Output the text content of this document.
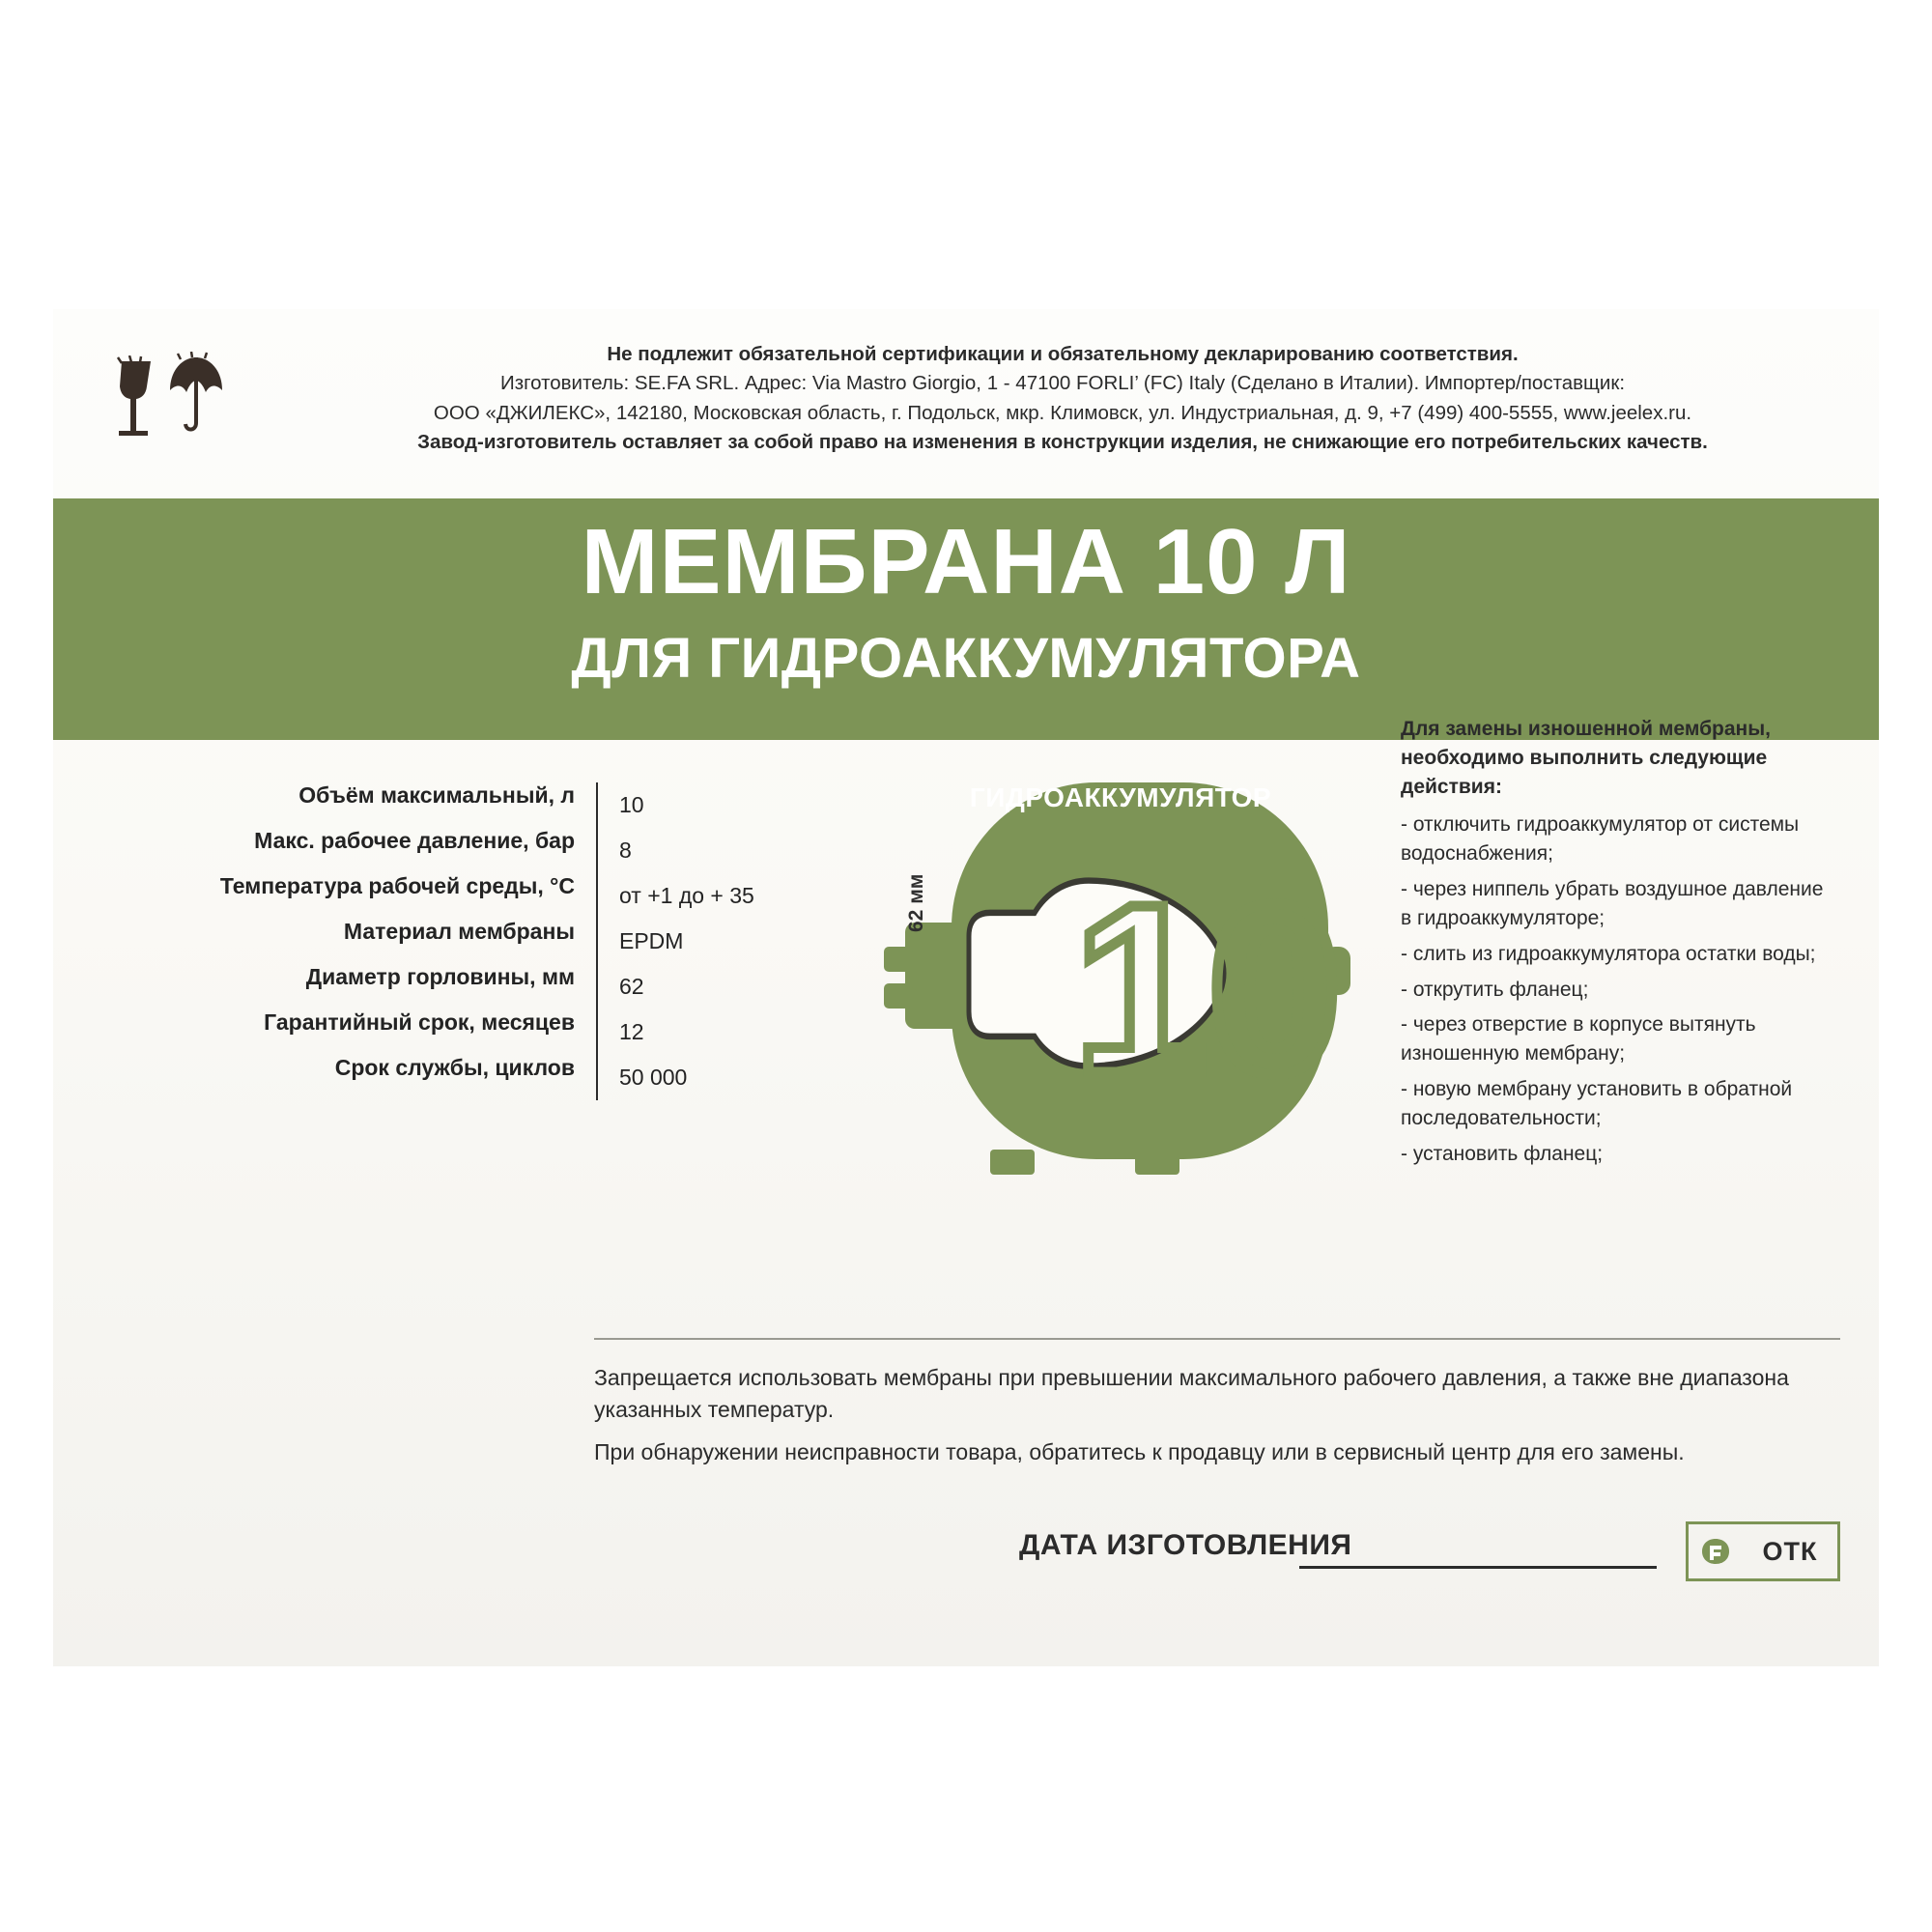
Не подлежит обязательной сертификации и обязательному декларированию соответствия.
Изготовитель: SE.FA SRL. Адрес: Via Mastro Giorgio, 1 - 47100 FORLI’ (FC) Italy (Сделано в Италии). Импортер/поставщик:
ООО «ДЖИЛЕКС», 142180, Московская область, г. Подольск, мкр. Климовск, ул. Индустриальная, д. 9, +7 (499) 400-5555, www.jeelex.ru.
Завод-изготовитель оставляет за собой право на изменения в конструкции изделия, не снижающие его потребительских качеств.
МЕМБРАНА 10 Л
ДЛЯ ГИДРОАККУМУЛЯТОРА
Объём максимальный, л	10
Макс. рабочее давление, бар	8
Температура рабочей среды, °C	от +1 до + 35
Материал мембраны	EPDM
Диаметр горловины, мм	62
Гарантийный срок, месяцев	12
Срок службы, циклов	50 000
ГИДРОАККУМУЛЯТОР
10
62 мм
Для замены изношенной мембраны, необходимо выполнить следующие действия:
- отключить гидроаккумулятор от системы водоснабжения;
- через ниппель убрать воздушное давление в гидроаккумуляторе;
- слить из гидроаккумулятора остатки воды;
- открутить фланец;
- через отверстие в корпусе вытянуть изношенную мембрану;
- новую мембрану установить в обратной последовательности;
- установить фланец;

Запрещается использовать мембраны при превышении максимального рабочего давления, а также вне диапазона указанных температур.

При обнаружении неисправности товара, обратитесь к продавцу или в сервисный центр для его замены.

ДАТА ИЗГОТОВЛЕНИЯ	ОТК
